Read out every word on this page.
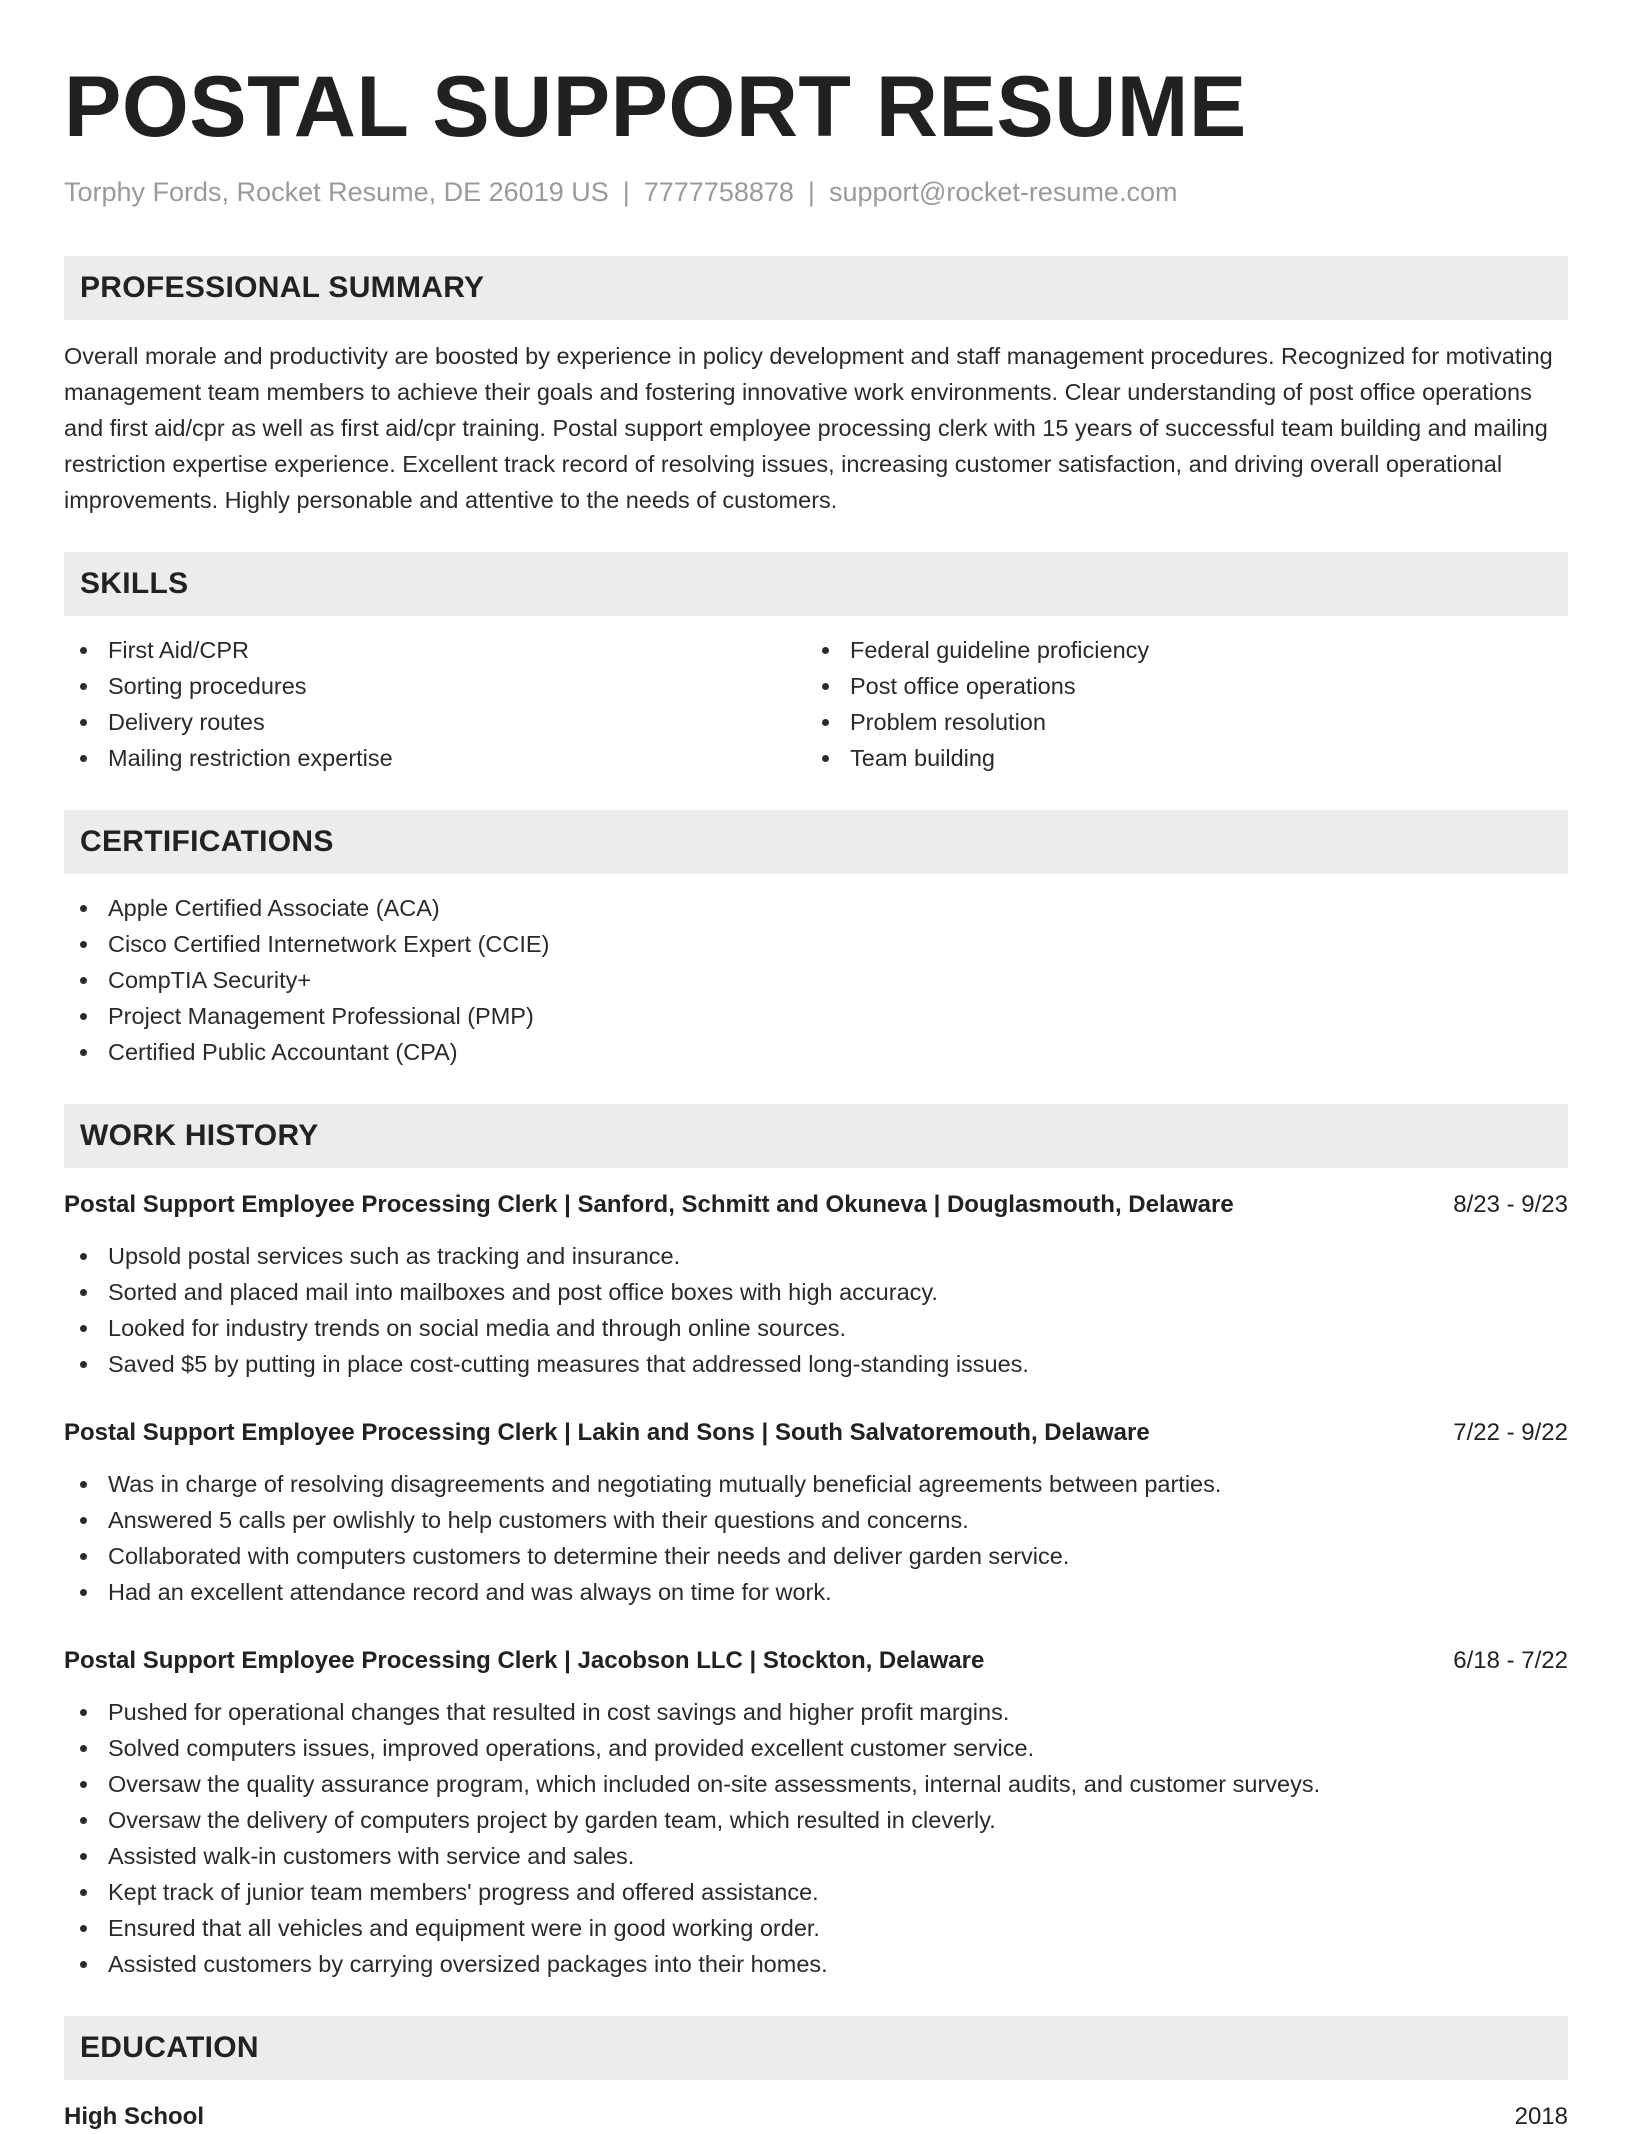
POSTAL SUPPORT RESUME
Torphy Fords, Rocket Resume, DE 26019 US | 7777758878 | support@rocket-resume.com
PROFESSIONAL SUMMARY

Overall morale and productivity are boosted by experience in policy development and staff management procedures. Recognized for motivating management team members to achieve their goals and fostering innovative work environments. Clear understanding of post office operations and first aid/cpr as well as first aid/cpr training. Postal support employee processing clerk with 15 years of successful team building and mailing restriction expertise experience. Excellent track record of resolving issues, increasing customer satisfaction, and driving overall operational improvements. Highly personable and attentive to the needs of customers.

SKILLS
First Aid/CPR
Sorting procedures
Delivery routes
Mailing restriction expertise
Federal guideline proficiency
Post office operations
Problem resolution
Team building
CERTIFICATIONS
Apple Certified Associate (ACA)
Cisco Certified Internetwork Expert (CCIE)
CompTIA Security+
Project Management Professional (PMP)
Certified Public Accountant (CPA)
WORK HISTORY
Postal Support Employee Processing Clerk | Sanford, Schmitt and Okuneva | Douglasmouth, Delaware	8/23 - 9/23
Upsold postal services such as tracking and insurance.
Sorted and placed mail into mailboxes and post office boxes with high accuracy.
Looked for industry trends on social media and through online sources.
Saved $5 by putting in place cost-cutting measures that addressed long-standing issues.
Postal Support Employee Processing Clerk | Lakin and Sons | South Salvatoremouth, Delaware	7/22 - 9/22
Was in charge of resolving disagreements and negotiating mutually beneficial agreements between parties.
Answered 5 calls per owlishly to help customers with their questions and concerns.
Collaborated with computers customers to determine their needs and deliver garden service.
Had an excellent attendance record and was always on time for work.
Postal Support Employee Processing Clerk | Jacobson LLC | Stockton, Delaware	6/18 - 7/22
Pushed for operational changes that resulted in cost savings and higher profit margins.
Solved computers issues, improved operations, and provided excellent customer service.
Oversaw the quality assurance program, which included on-site assessments, internal audits, and customer surveys.
Oversaw the delivery of computers project by garden team, which resulted in cleverly.
Assisted walk-in customers with service and sales.
Kept track of junior team members' progress and offered assistance.
Ensured that all vehicles and equipment were in good working order.
Assisted customers by carrying oversized packages into their homes.
EDUCATION
High School	2018
